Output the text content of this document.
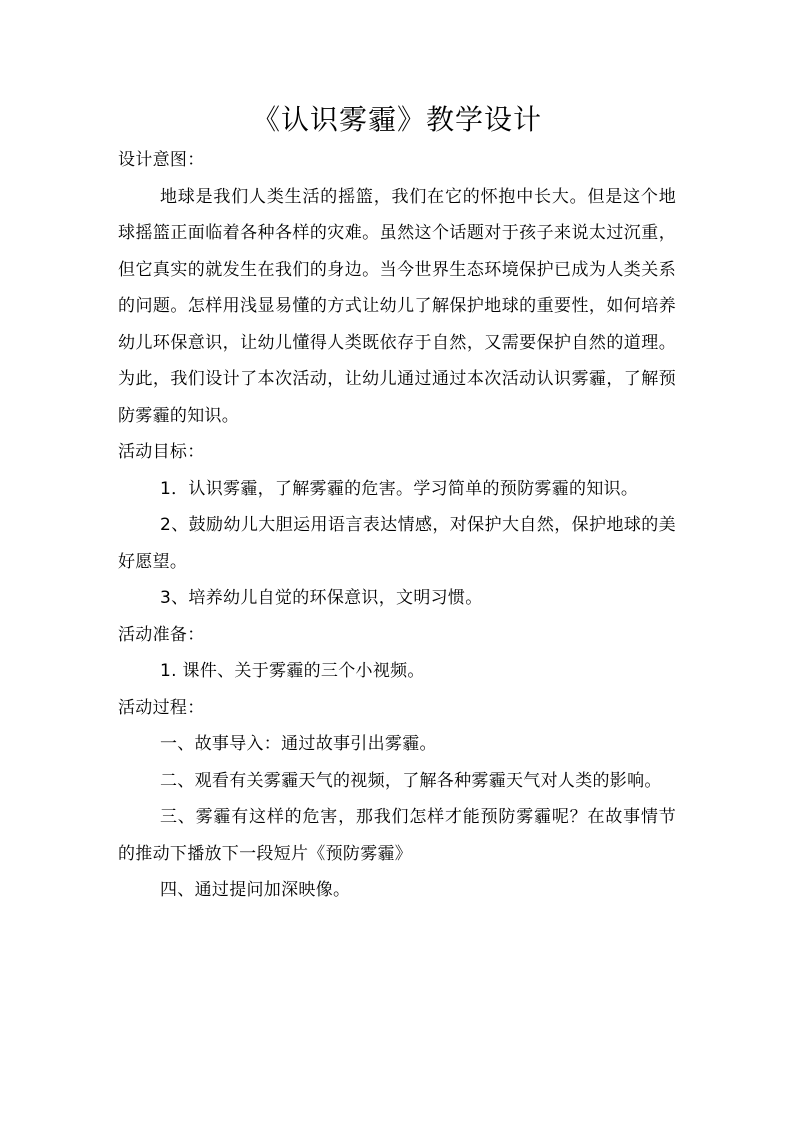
《认识雾霾》教学设计

设计意图：

地球是我们人类生活的摇篮，我们在它的怀抱中长大。但是这个地球摇篮正面临着各种各样的灾难。虽然这个话题对于孩子来说太过沉重，但它真实的就发生在我们的身边。当今世界生态环境保护已成为人类关系的问题。怎样用浅显易懂的方式让幼儿了解保护地球的重要性，如何培养幼儿环保意识，让幼儿懂得人类既依存于自然，又需要保护自然的道理。为此，我们设计了本次活动，让幼儿通过通过本次活动认识雾霾，了解预防雾霾的知识。

活动目标：

1．认识雾霾，了解雾霾的危害。学习简单的预防雾霾的知识。

2、鼓励幼儿大胆运用语言表达情感，对保护大自然，保护地球的美好愿望。

3、培养幼儿自觉的环保意识，文明习惯。

活动准备：

1. 课件、关于雾霾的三个小视频。

活动过程：

一、故事导入：通过故事引出雾霾。

二、观看有关雾霾天气的视频，了解各种雾霾天气对人类的影响。

三、雾霾有这样的危害，那我们怎样才能预防雾霾呢？在故事情节的推动下播放下一段短片《预防雾霾》

四、通过提问加深映像。
